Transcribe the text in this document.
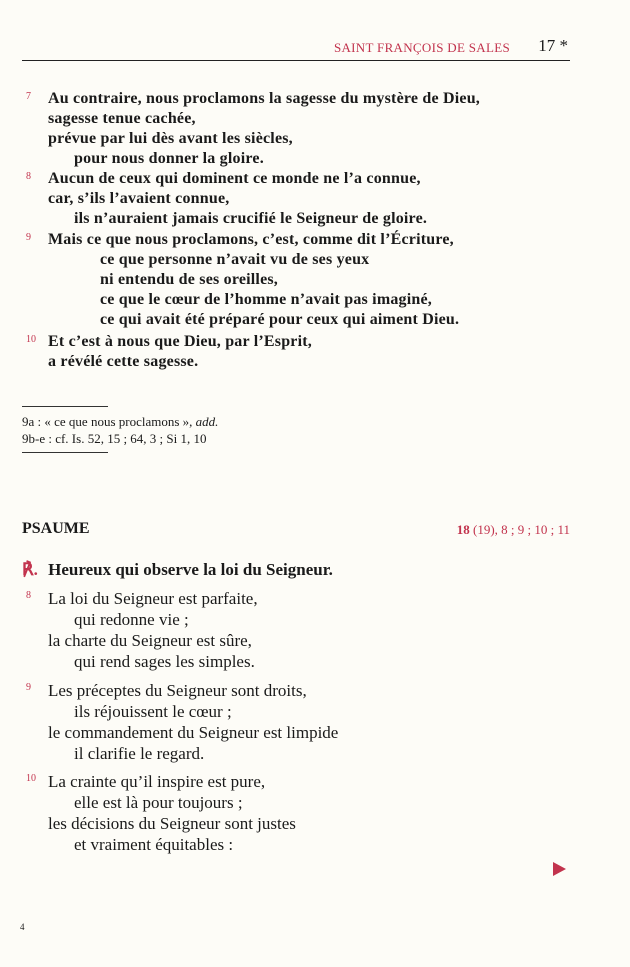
SAINT FRANÇOIS DE SALES 17 *
7 Au contraire, nous proclamons la sagesse du mystère de Dieu,
sagesse tenue cachée,
prévue par lui dès avant les siècles,
pour nous donner la gloire.
8 Aucun de ceux qui dominent ce monde ne l’a connue,
car, s’ils l’avaient connue,
ils n’auraient jamais crucifié le Seigneur de gloire.
9 Mais ce que nous proclamons, c’est, comme dit l’Écriture,
ce que personne n’avait vu de ses yeux
ni entendu de ses oreilles,
ce que le cœur de l’homme n’avait pas imaginé,
ce qui avait été préparé pour ceux qui aiment Dieu.
10 Et c’est à nous que Dieu, par l’Esprit,
a révélé cette sagesse.
9a : « ce que nous proclamons », add.
9b-e : cf. Is. 52, 15 ; 64, 3 ; Si 1, 10
PSAUME	18 (19), 8 ; 9 ; 10 ; 11
℟. Heureux qui observe la loi du Seigneur.
8 La loi du Seigneur est parfaite,
qui redonne vie ;
la charte du Seigneur est sûre,
qui rend sages les simples.
9 Les préceptes du Seigneur sont droits,
ils réjouissent le cœur ;
le commandement du Seigneur est limpide
il clarifie le regard.
10 La crainte qu’il inspire est pure,
elle est là pour toujours ;
les décisions du Seigneur sont justes
et vraiment équitables :
4
